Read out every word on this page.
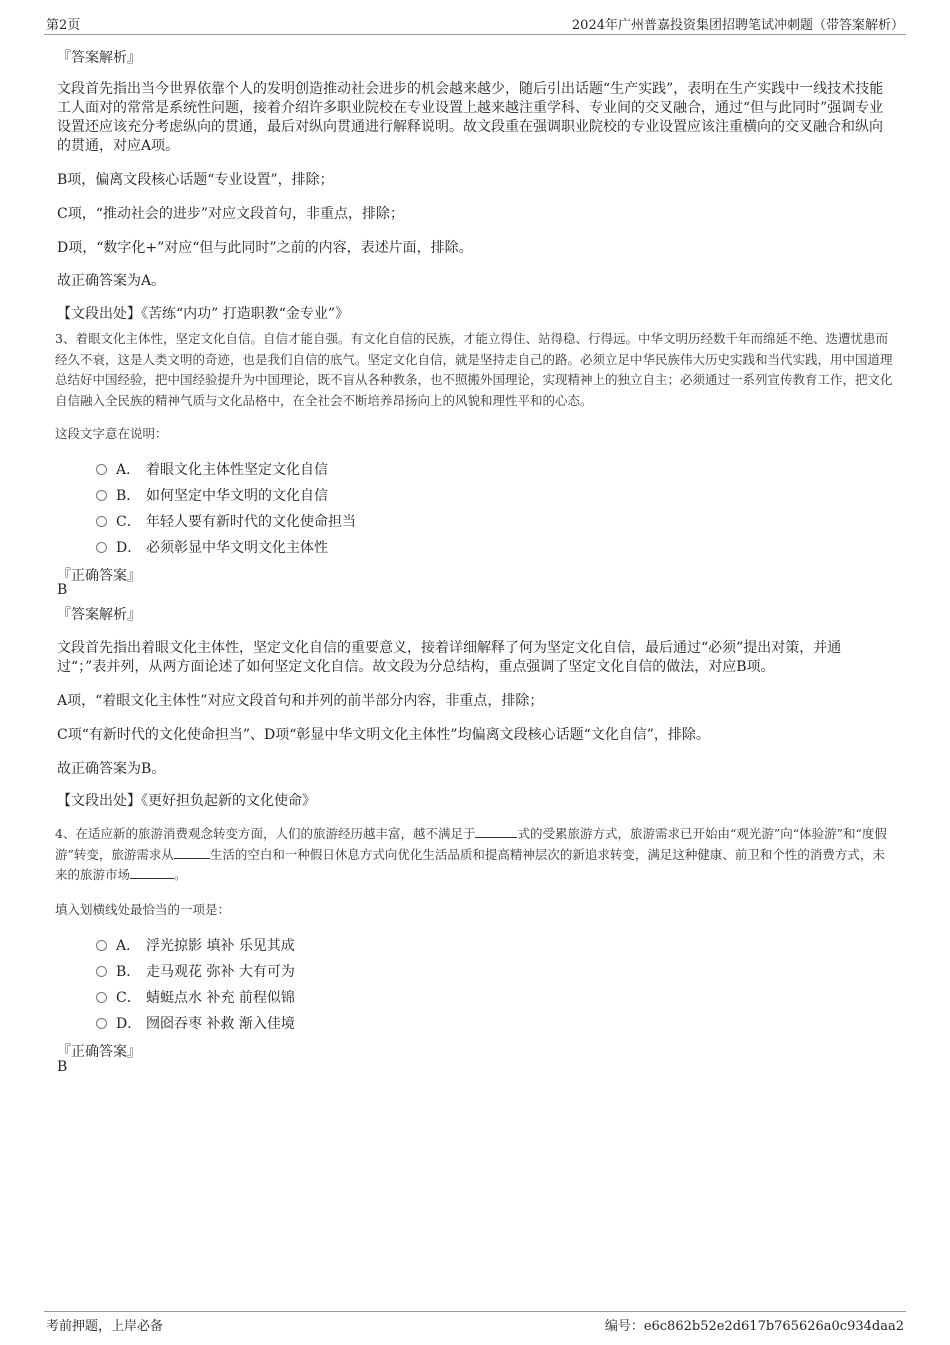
第2页	2024年广州普嘉投资集团招聘笔试冲刺题（带答案解析）
『答案解析』
文段首先指出当今世界依靠个人的发明创造推动社会进步的机会越来越少，随后引出话题“生产实践”，表明在生产实践中一线技术技能工人面对的常常是系统性问题，接着介绍许多职业院校在专业设置上越来越注重学科、专业间的交叉融合，通过“但与此同时”强调专业设置还应该充分考虑纵向的贯通，最后对纵向贯通进行解释说明。故文段重在强调职业院校的专业设置应该注重横向的交叉融合和纵向的贯通，对应A项。
B项，偏离文段核心话题“专业设置”，排除；
C项，“推动社会的进步”对应文段首句，非重点，排除；
D项，“数字化+”对应“但与此同时”之前的内容，表述片面，排除。
故正确答案为A。
【文段出处】《苦练“内功” 打造职教“金专业”》
3、着眼文化主体性，坚定文化自信。自信才能自强。有文化自信的民族，才能立得住、站得稳、行得远。中华文明历经数千年而绵延不绝、迭遭忧患而经久不衰，这是人类文明的奇迹，也是我们自信的底气。坚定文化自信，就是坚持走自己的路。必须立足中华民族伟大历史实践和当代实践，用中国道理总结好中国经验，把中国经验提升为中国理论，既不盲从各种教条，也不照搬外国理论，实现精神上的独立自主；必须通过一系列宣传教育工作，把文化自信融入全民族的精神气质与文化品格中，在全社会不断培养昂扬向上的风貌和理性平和的心态。
这段文字意在说明：
A． 着眼文化主体性坚定文化自信
B． 如何坚定中华文明的文化自信
C． 年轻人要有新时代的文化使命担当
D． 必须彰显中华文明文化主体性
『正确答案』
B
『答案解析』
文段首先指出着眼文化主体性，坚定文化自信的重要意义，接着详细解释了何为坚定文化自信，最后通过“必须”提出对策，并通过“；”表并列，从两方面论述了如何坚定文化自信。故文段为分总结构，重点强调了坚定文化自信的做法，对应B项。
A项，“着眼文化主体性”对应文段首句和并列的前半部分内容，非重点，排除；
C项“有新时代的文化使命担当”、D项“彰显中华文明文化主体性”均偏离文段核心话题“文化自信”，排除。
故正确答案为B。
【文段出处】《更好担负起新的文化使命》
4、在适应新的旅游消费观念转变方面，人们的旅游经历越丰富，越不满足于	式的受累旅游方式，旅游需求已开始由“观光游”向“体验游”和“度假游”转变，旅游需求从	生活的空白和一种假日休息方式向优化生活品质和提高精神层次的新追求转变，满足这种健康、前卫和个性的消费方式，未来的旅游市场	。
填入划横线处最恰当的一项是：
A． 浮光掠影 填补 乐见其成
B． 走马观花 弥补 大有可为
C． 蜻蜓点水 补充 前程似锦
D． 囫囵吞枣 补救 渐入佳境
『正确答案』
B
考前押题，上岸必备	编号：e6c862b52e2d617b765626a0c934daa2
